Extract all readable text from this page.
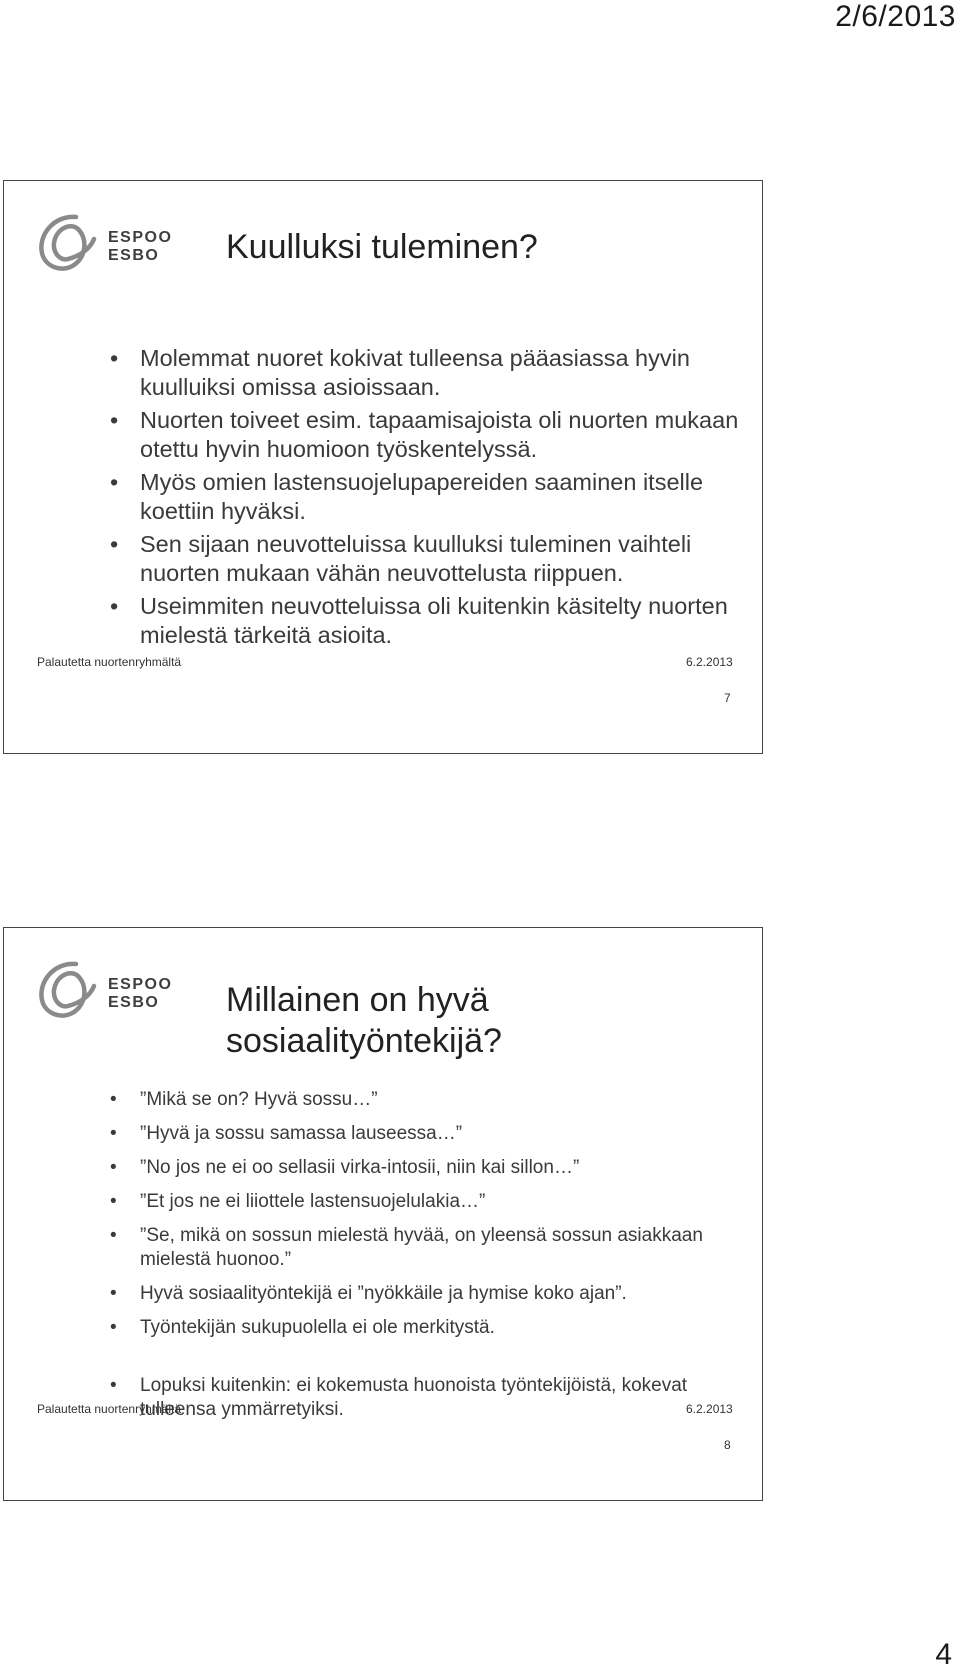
2/6/2013
ESPOO
ESBO Kuulluksi tuleminen?
• Molemmat nuoret kokivat tulleensa pääasiassa hyvin kuulluiksi omissa asioissaan.
• Nuorten toiveet esim. tapaamisajoista oli nuorten mukaan otettu hyvin huomioon työskentelyssä.
• Myös omien lastensuojelupapereiden saaminen itselle koettiin hyväksi.
• Sen sijaan neuvotteluissa kuulluksi tuleminen vaihteli nuorten mukaan vähän neuvottelusta riippuen.
• Useimmiten neuvotteluissa oli kuitenkin käsitelty nuorten mielestä tärkeitä asioita.
Palautetta nuortenryhmältä	6.2.2013
7
ESPOO
ESBO Millainen on hyvä sosiaalityöntekijä?
• ”Mikä se on? Hyvä sossu…”
• ”Hyvä ja sossu samassa lauseessa…”
• ”No jos ne ei oo sellasii virka-intosii, niin kai sillon…”
• ”Et jos ne ei liiottele lastensuojelulakia…”
• ”Se, mikä on sossun mielestä hyvää, on yleensä sossun asiakkaan mielestä huonoo.”
• Hyvä sosiaalityöntekijä ei ”nyökkäile ja hymise koko ajan”.
• Työntekijän sukupuolella ei ole merkitystä.
• Lopuksi kuitenkin: ei kokemusta huonoista työntekijöistä, kokevat tulleensa ymmärretyiksi.
Palautetta nuortenryhmältä	6.2.2013
8
4
